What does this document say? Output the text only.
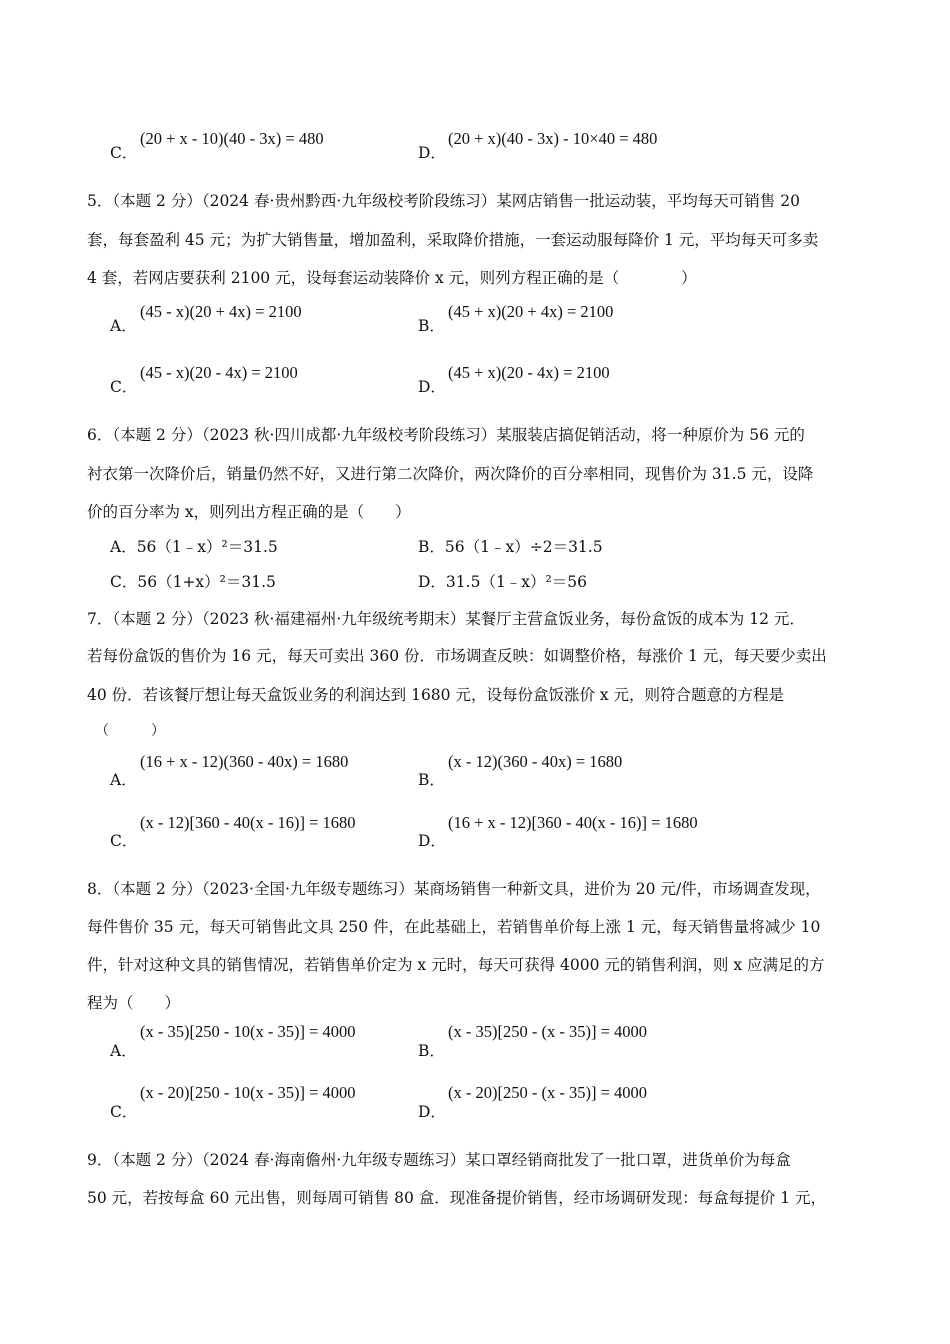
(20 + x - 10)(40 - 3x) = 480
C．
(20 + x)(40 - 3x) - 10×40 = 480
D．
5．（本题 2 分）（2024 春·贵州黔西·九年级校考阶段练习）某网店销售一批运动装，平均每天可销售 20
套，每套盈利 45 元；为扩大销售量，增加盈利，采取降价措施，一套运动服每降价 1 元，平均每天可多卖
4 套，若网店要获利 2100 元，设每套运动装降价 x 元，则列方程正确的是（　　　　）
(45 - x)(20 + 4x) = 2100
A．
(45 + x)(20 + 4x) = 2100
B．
(45 - x)(20 - 4x) = 2100
C．
(45 + x)(20 - 4x) = 2100
D．
6．（本题 2 分）（2023 秋·四川成都·九年级校考阶段练习）某服装店搞促销活动，将一种原价为 56 元的
衬衣第一次降价后，销量仍然不好，又进行第二次降价，两次降价的百分率相同，现售价为 31.5 元，设降
价的百分率为 x，则列出方程正确的是（　　）
A．56（1﹣x）²＝31.5	B．56（1﹣x）÷2＝31.5
C．56（1+x）²＝31.5	D．31.5（1﹣x）²＝56
7．（本题 2 分）（2023 秋·福建福州·九年级统考期末）某餐厅主营盒饭业务，每份盒饭的成本为 12 元．
若每份盒饭的售价为 16 元，每天可卖出 360 份．市场调查反映：如调整价格，每涨价 1 元，每天要少卖出
40 份．若该餐厅想让每天盒饭业务的利润达到 1680 元，设每份盒饭涨价 x 元，则符合题意的方程是
（　　　）
(16 + x - 12)(360 - 40x) = 1680
A．
(x - 12)(360 - 40x) = 1680
B．
(x - 12)[360 - 40(x - 16)] = 1680
C．
(16 + x - 12)[360 - 40(x - 16)] = 1680
D．
8．（本题 2 分）（2023·全国·九年级专题练习）某商场销售一种新文具，进价为 20 元/件，市场调查发现，
每件售价 35 元，每天可销售此文具 250 件，在此基础上，若销售单价每上涨 1 元，每天销售量将减少 10
件，针对这种文具的销售情况，若销售单价定为 x 元时，每天可获得 4000 元的销售利润，则 x 应满足的方
程为（　　）
(x - 35)[250 - 10(x - 35)] = 4000
A．
(x - 35)[250 - (x - 35)] = 4000
B．
(x - 20)[250 - 10(x - 35)] = 4000
C．
(x - 20)[250 - (x - 35)] = 4000
D．
9．（本题 2 分）（2024 春·海南儋州·九年级专题练习）某口罩经销商批发了一批口罩，进货单价为每盒
50 元，若按每盒 60 元出售，则每周可销售 80 盒．现准备提价销售，经市场调研发现：每盒每提价 1 元，
